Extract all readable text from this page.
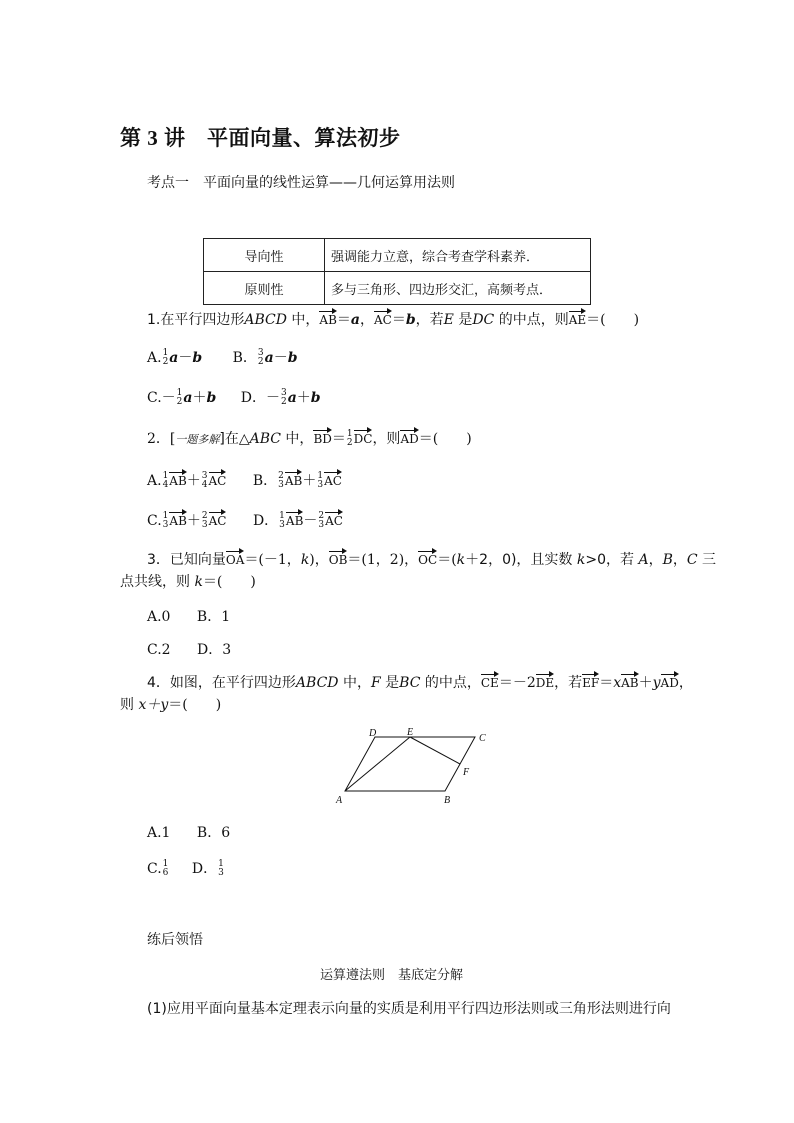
第 3 讲　平面向量、算法初步
考点一　平面向量的线性运算——几何运算用法则
导向性	强调能力立意，综合考查学科素养．
原则性	多与三角形、四边形交汇，高频考点．
1.在平行四边形ABCD 中，AB＝a，AC＝b，若E 是DC 的中点，则AE＝(　　)
A. 1
2 a－b B． 3
2 a－b
C.－ 1
2 a＋b D．－ 3
2 a＋b
2．[一题多解]在△ABC 中，BD＝ 1
2 DC，则AD＝(　　)
A. 1
4 AB＋ 3
4 AC B． 2
3 AB＋ 1
3 AC
C. 1
3 AB＋ 2
3 AC D． 1
3 AB－ 2
3 AC
3．已知向量OA＝(－1，k)，OB＝(1，2)，OC＝(k＋2，0)，且实数 k>0，若 A，B，C 三
点共线，则 k＝(　　)
A.0 B．1
C.2 D．3
4．如图，在平行四边形ABCD 中，F 是BC 的中点，CE＝－2DE，若EF＝xAB＋yAD，
则 x＋y＝(　　)
A	B
C
D	E
F
A.1 B．6
C. 1
6 D． 1
3
练后领悟
运算遵法则　基底定分解
(1)应用平面向量基本定理表示向量的实质是利用平行四边形法则或三角形法则进行向
